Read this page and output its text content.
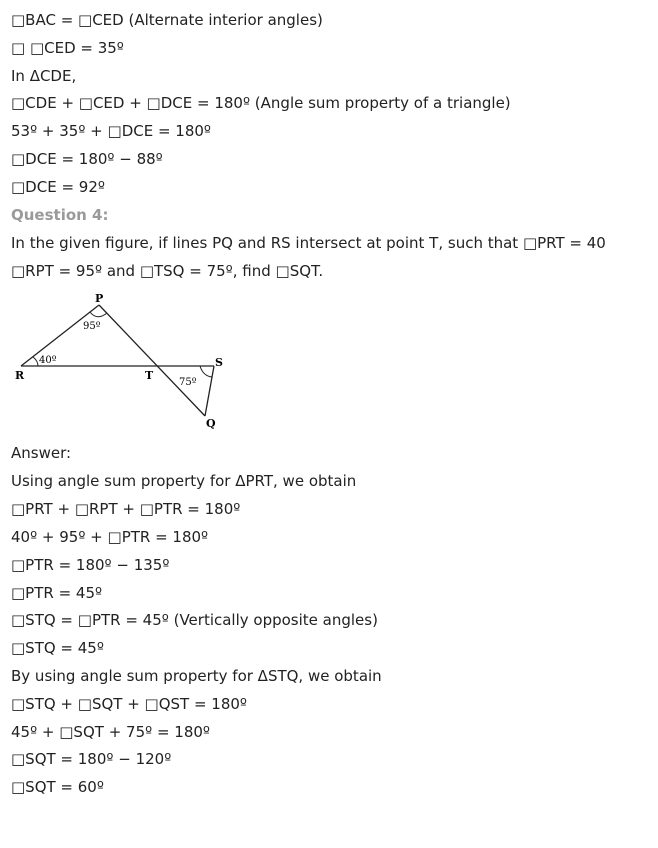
□BAC = □CED (Alternate interior angles)
□ □CED = 35º
In ΔCDE,
□CDE + □CED + □DCE = 180º (Angle sum property of a triangle)
53º + 35º + □DCE = 180º
□DCE = 180º − 88º
□DCE = 92º
Question 4:
In the given figure, if lines PQ and RS intersect at point T, such that □PRT = 40
□RPT = 95º and □TSQ = 75º, find □SQT.
P
R	T
S
Q
95º
40º
75º
Answer:
Using angle sum property for ΔPRT, we obtain
□PRT + □RPT + □PTR = 180º
40º + 95º + □PTR = 180º
□PTR = 180º − 135º
□PTR = 45º
□STQ = □PTR = 45º (Vertically opposite angles)
□STQ = 45º
By using angle sum property for ΔSTQ, we obtain
□STQ + □SQT + □QST = 180º
45º + □SQT + 75º = 180º
□SQT = 180º − 120º
□SQT = 60º
